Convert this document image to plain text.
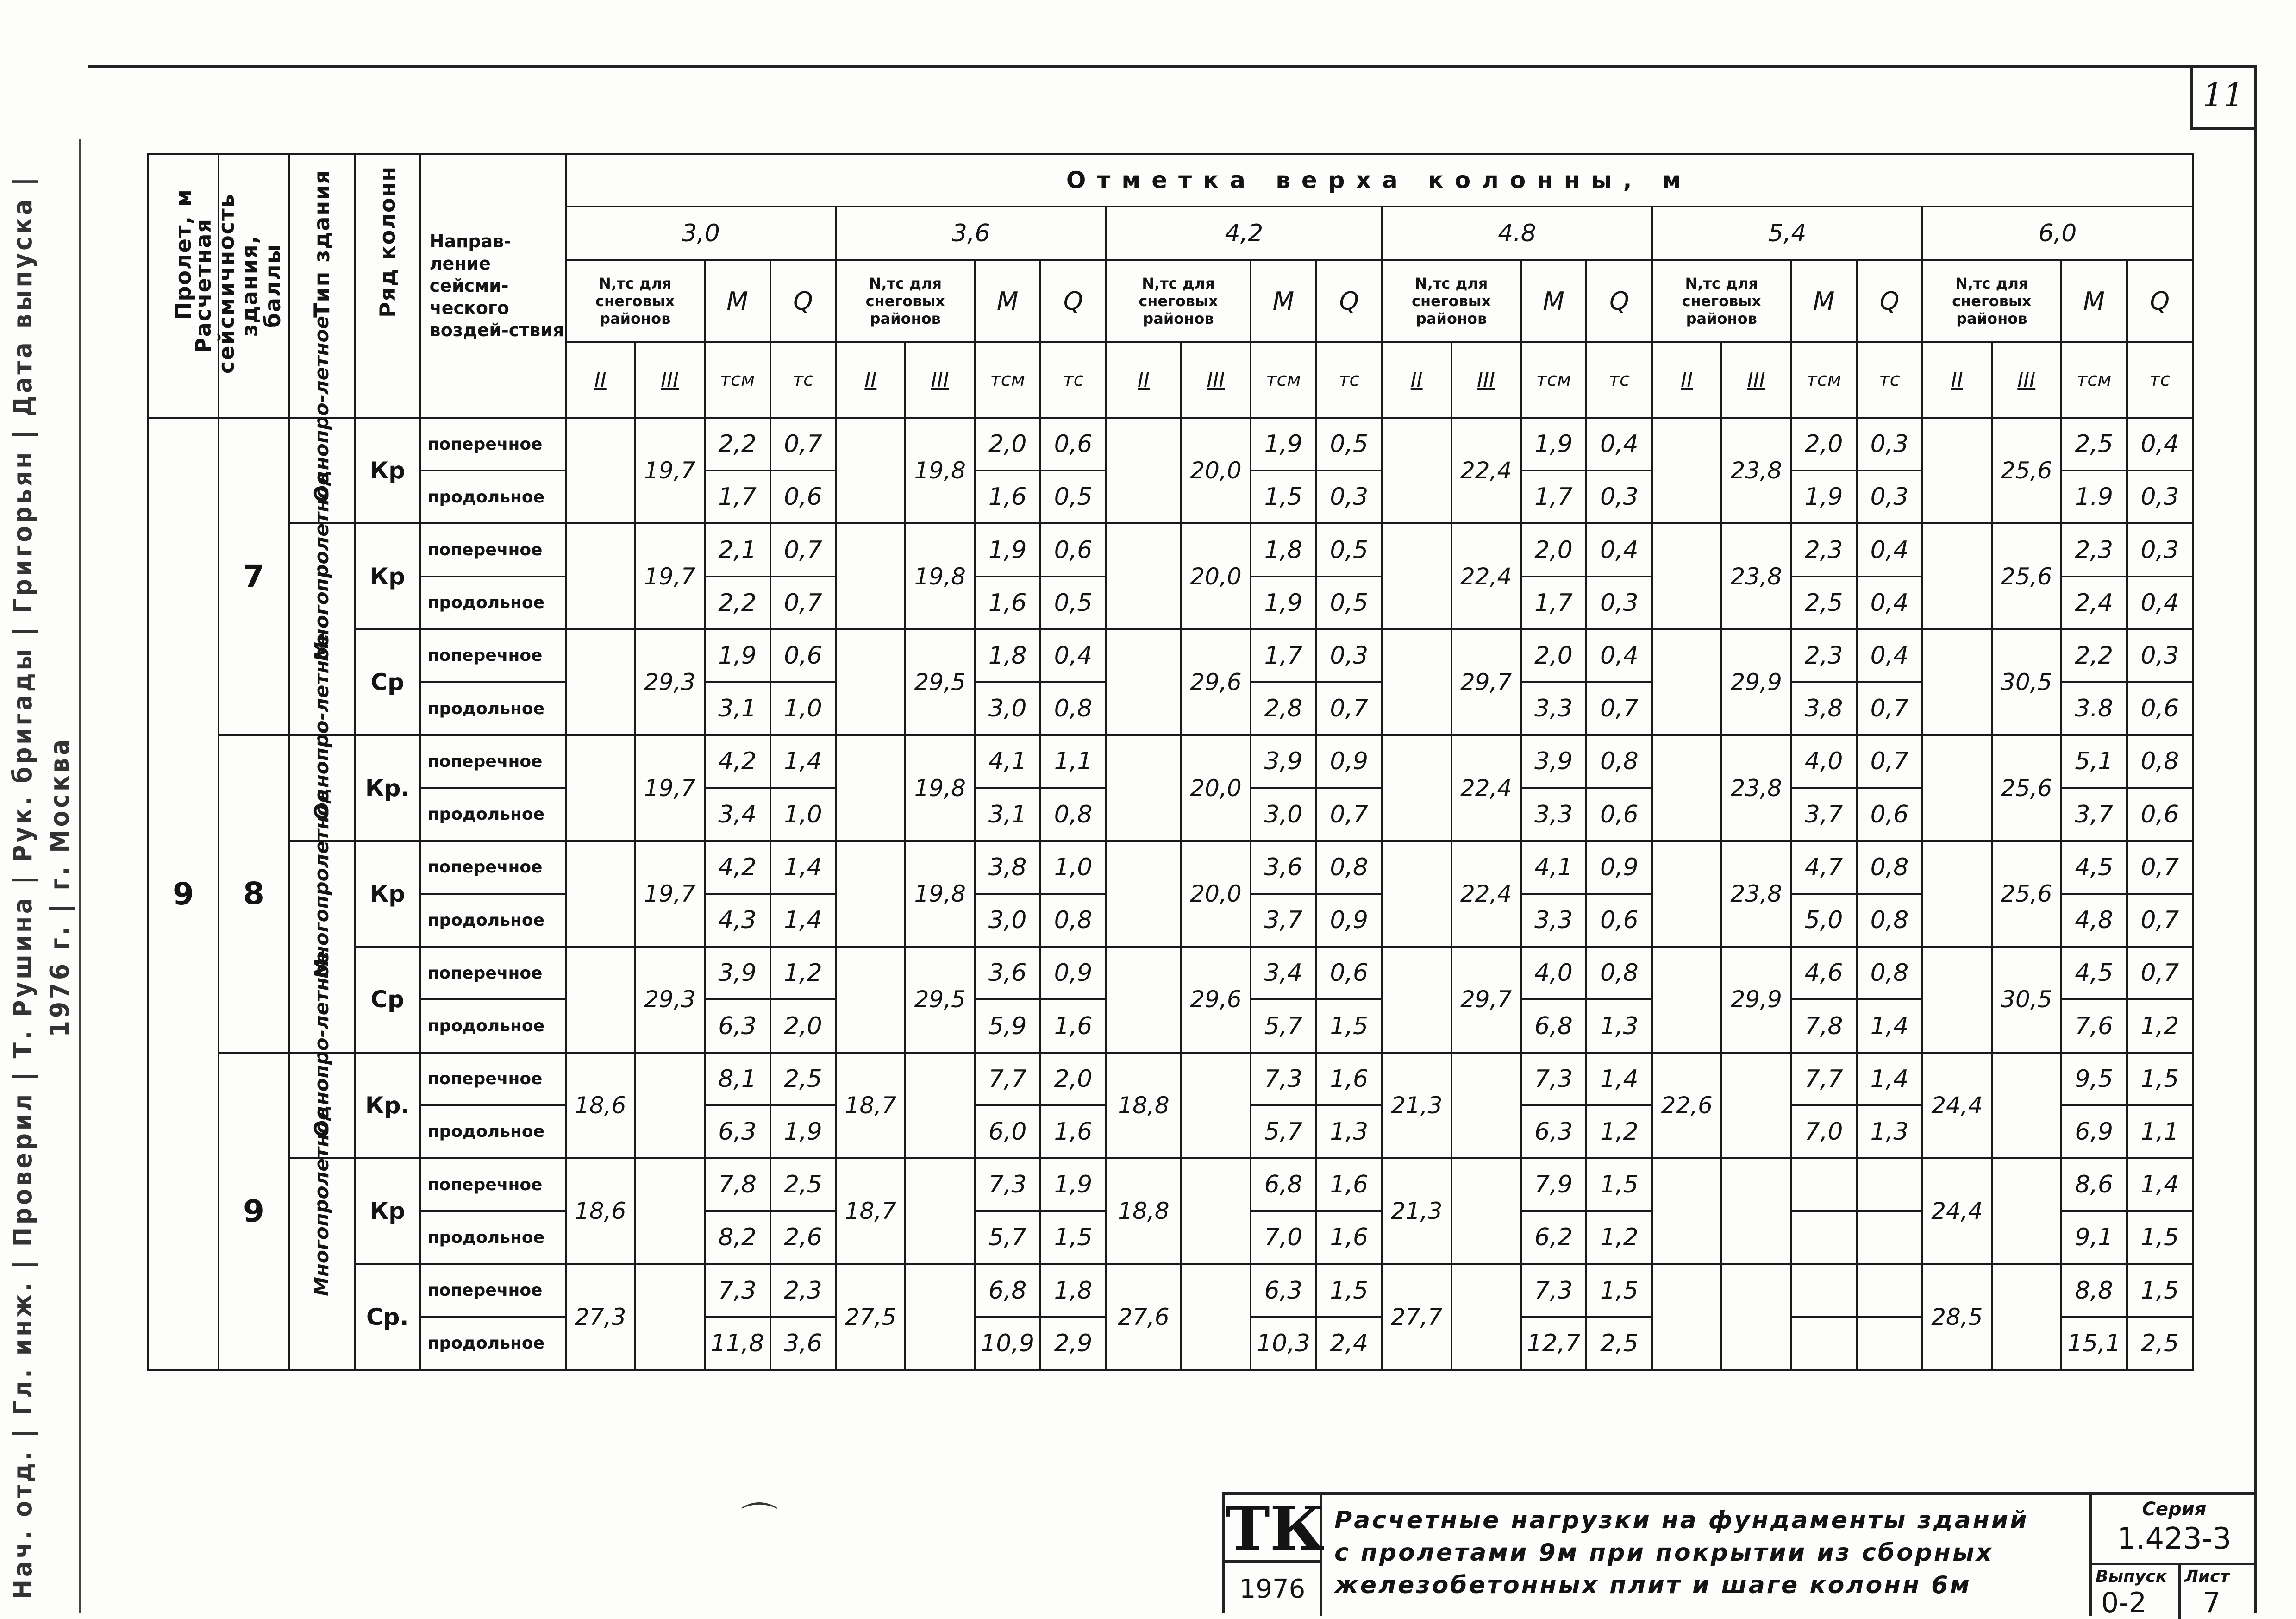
11
Нач. отд. | Гл. инж. | Проверил | Т. Рушина | Рук. бригады | Григорьян | Дата выпуска | 1976 г. | г. Москва
Пролет, м	Расчетная сейсмичность здания, баллы	Тип здания	Ряд колонн	Направ-ление сейсми-ческого воздей-ствия	Отметка верха колонны, м																							
					3,0				3,6				4,2				4.8				5,4				6,0			
					N,тс для снеговых районов		М	Q	N,тс для снеговых районов		М	Q	N,тс для снеговых районов		М	Q	N,тс для снеговых районов		М	Q	N,тс для снеговых районов		М	Q	N,тс для снеговых районов		М	Q
					II	III	тсм	тс	II	III	тсм	тс	II	III	тсм	тс	II	III	тсм	тс	II	III	тсм	тс	II	III	тсм	тс
9	7	Однопро-летное	Кр	поперечное		19,7	2,2	0,7		19,8	2,0	0,6		20,0	1,9	0,5		22,4	1,9	0,4		23,8	2,0	0,3		25,6	2,5	0,4
				продольное			1,7	0,6			1,6	0,5			1,5	0,3			1,7	0,3			1,9	0,3			1.9	0,3

		Многопролетное	Кр	поперечное		19,7	2,1	0,7		19,8	1,9	0,6		20,0	1,8	0,5		22,4	2,0	0,4		23,8	2,3	0,4		25,6	2,3	0,3
				продольное			2,2	0,7			1,6	0,5			1,9	0,5			1,7	0,3			2,5	0,4			2,4	0,4
			Ср	поперечное		29,3	1,9	0,6		29,5	1,8	0,4		29,6	1,7	0,3		29,7	2,0	0,4		29,9	2,3	0,4		30,5	2,2	0,3
				продольное			3,1	1,0			3,0	0,8			2,8	0,7			3,3	0,7			3,8	0,7			3.8	0,6
	8	Однопро-летное	Кр.	поперечное		19,7	4,2	1,4		19,8	4,1	1,1		20,0	3,9	0,9		22,4	3,9	0,8		23,8	4,0	0,7		25,6	5,1	0,8
				продольное			3,4	1,0			3,1	0,8			3,0	0,7			3,3	0,6			3,7	0,6			3,7	0,6

		Многопролетное	Кр	поперечное		19,7	4,2	1,4		19,8	3,8	1,0		20,0	3,6	0,8		22,4	4,1	0,9		23,8	4,7	0,8		25,6	4,5	0,7
				продольное			4,3	1,4			3,0	0,8			3,7	0,9			3,3	0,6			5,0	0,8			4,8	0,7
			Ср	поперечное		29,3	3,9	1,2		29,5	3,6	0,9		29,6	3,4	0,6		29,7	4,0	0,8		29,9	4,6	0,8		30,5	4,5	0,7
				продольное			6,3	2,0			5,9	1,6			5,7	1,5			6,8	1,3			7,8	1,4			7,6	1,2
	9	Однопро-летное	Кр.	поперечное	18,6		8,1	2,5	18,7		7,7	2,0	18,8		7,3	1,6	21,3		7,3	1,4	22,6		7,7	1,4	24,4		9,5	1,5
				продольное			6,3	1,9			6,0	1,6			5,7	1,3			6,3	1,2			7,0	1,3			6,9	1,1

		Многопролетное	Кр	поперечное	18,6		7,8	2,5	18,7		7,3	1,9	18,8		6,8	1,6	21,3		7,9	1,5					24,4		8,6	1,4
				продольное			8,2	2,6			5,7	1,5			7,0	1,6			6,2	1,2							9,1	1,5
			Ср.	поперечное	27,3		7,3	2,3	27,5		6,8	1,8	27,6		6,3	1,5	27,7		7,3	1,5					28,5		8,8	1,5
				продольное			11,8	3,6			10,9	2,9			10,3	2,4			12,7	2,5							15,1	2,5
⌒	ТК
1976
Расчетные нагрузки на фундаменты зданий с пролетами 9м при покрытии из сборных железобетонных плит и шаге колонн 6м
Серия
1.423-3
Выпуск
0-2
Лист
7
